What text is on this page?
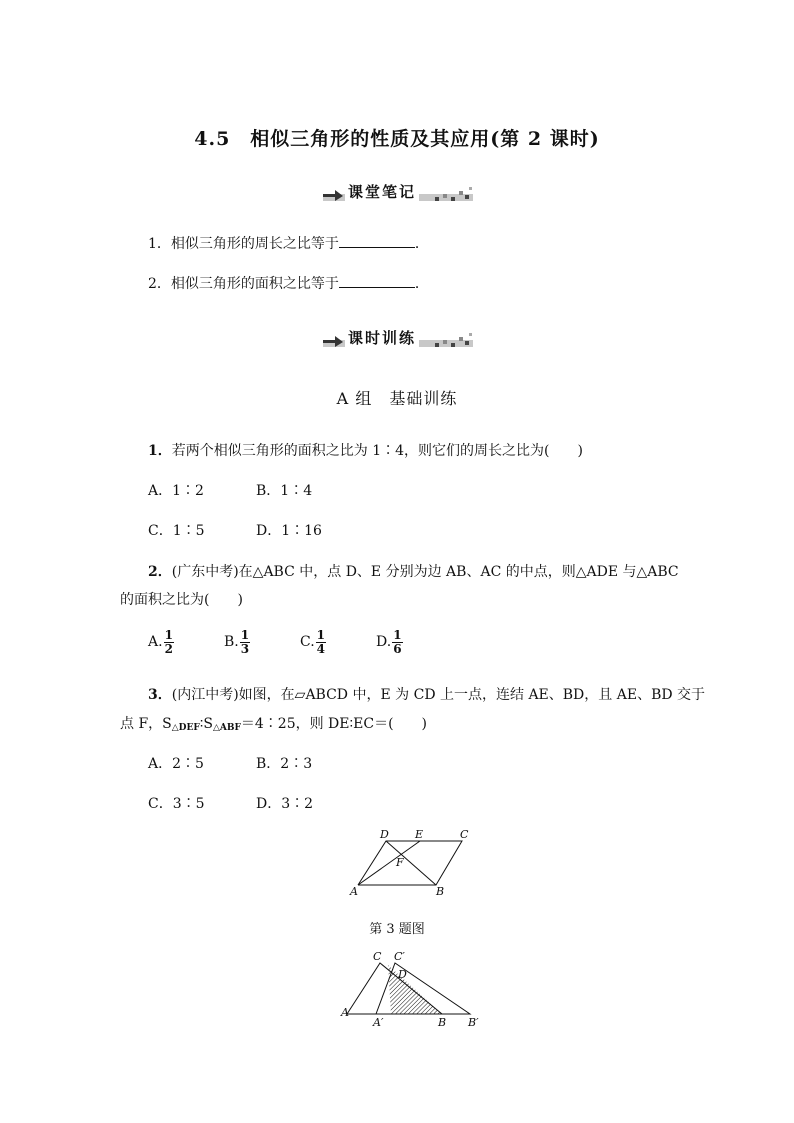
4.5　相似三角形的性质及其应用(第 2 课时)
课堂笔记
1．相似三角形的周长之比等于	．
2．相似三角形的面积之比等于	．
课时训练
A 组　基础训练
1．若两个相似三角形的面积之比为 1∶4，则它们的周长之比为(　　)
A．1∶2	B．1∶4
C．1∶5	D．1∶16
2．(广东中考)在△ABC 中，点 D、E 分别为边 AB、AC 的中点，则△ADE 与△ABC
的面积之比为(　　)
A. $\frac{1}{2}$	B. $\frac{1}{3}$	C. $\frac{1}{4}$	D. $\frac{1}{6}$
3．(内江中考)如图，在▱ABCD 中，E 为 CD 上一点，连结 AE、BD，且 AE、BD 交于
点 F，$S_{\triangle DEF}∶S_{\triangle ABF}=4∶25$，则 DE∶EC＝(　　)
A．2∶5	B．2∶3
C．3∶5	D．3∶2
D E	C
F
A	B
第 3 题图
C C′
D
A
A′	B B′
